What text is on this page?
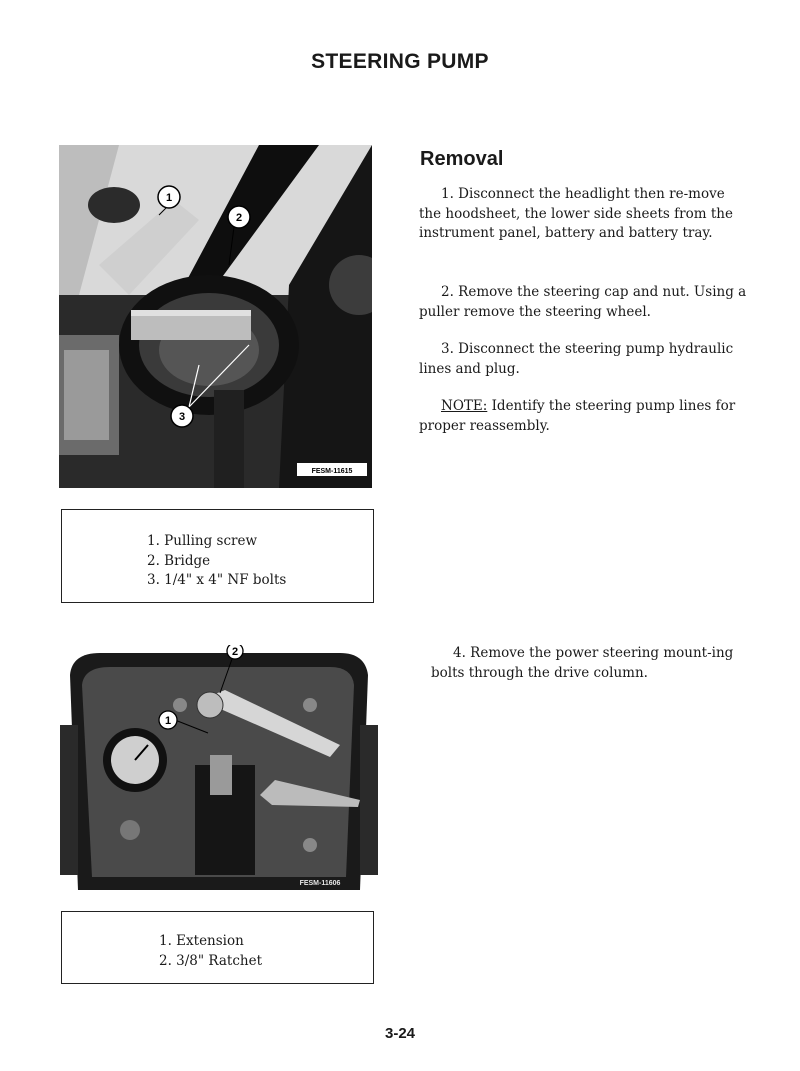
STEERING PUMP
1
2
3
FESM-11615
1. Pulling screw
2. Bridge
3. 1/4" x 4" NF bolts
1
2
FESM-11606
1. Extension
2. 3/8" Ratchet
Removal

1. Disconnect the headlight then re-move the hoodsheet, the lower side sheets from the instrument panel, battery and battery tray.

2. Remove the steering cap and nut. Using a puller remove the steering wheel.

3. Disconnect the steering pump hydraulic lines and plug.

NOTE: Identify the steering pump lines for proper reassembly.

4. Remove the power steering mount-ing bolts through the drive column.

3-24
